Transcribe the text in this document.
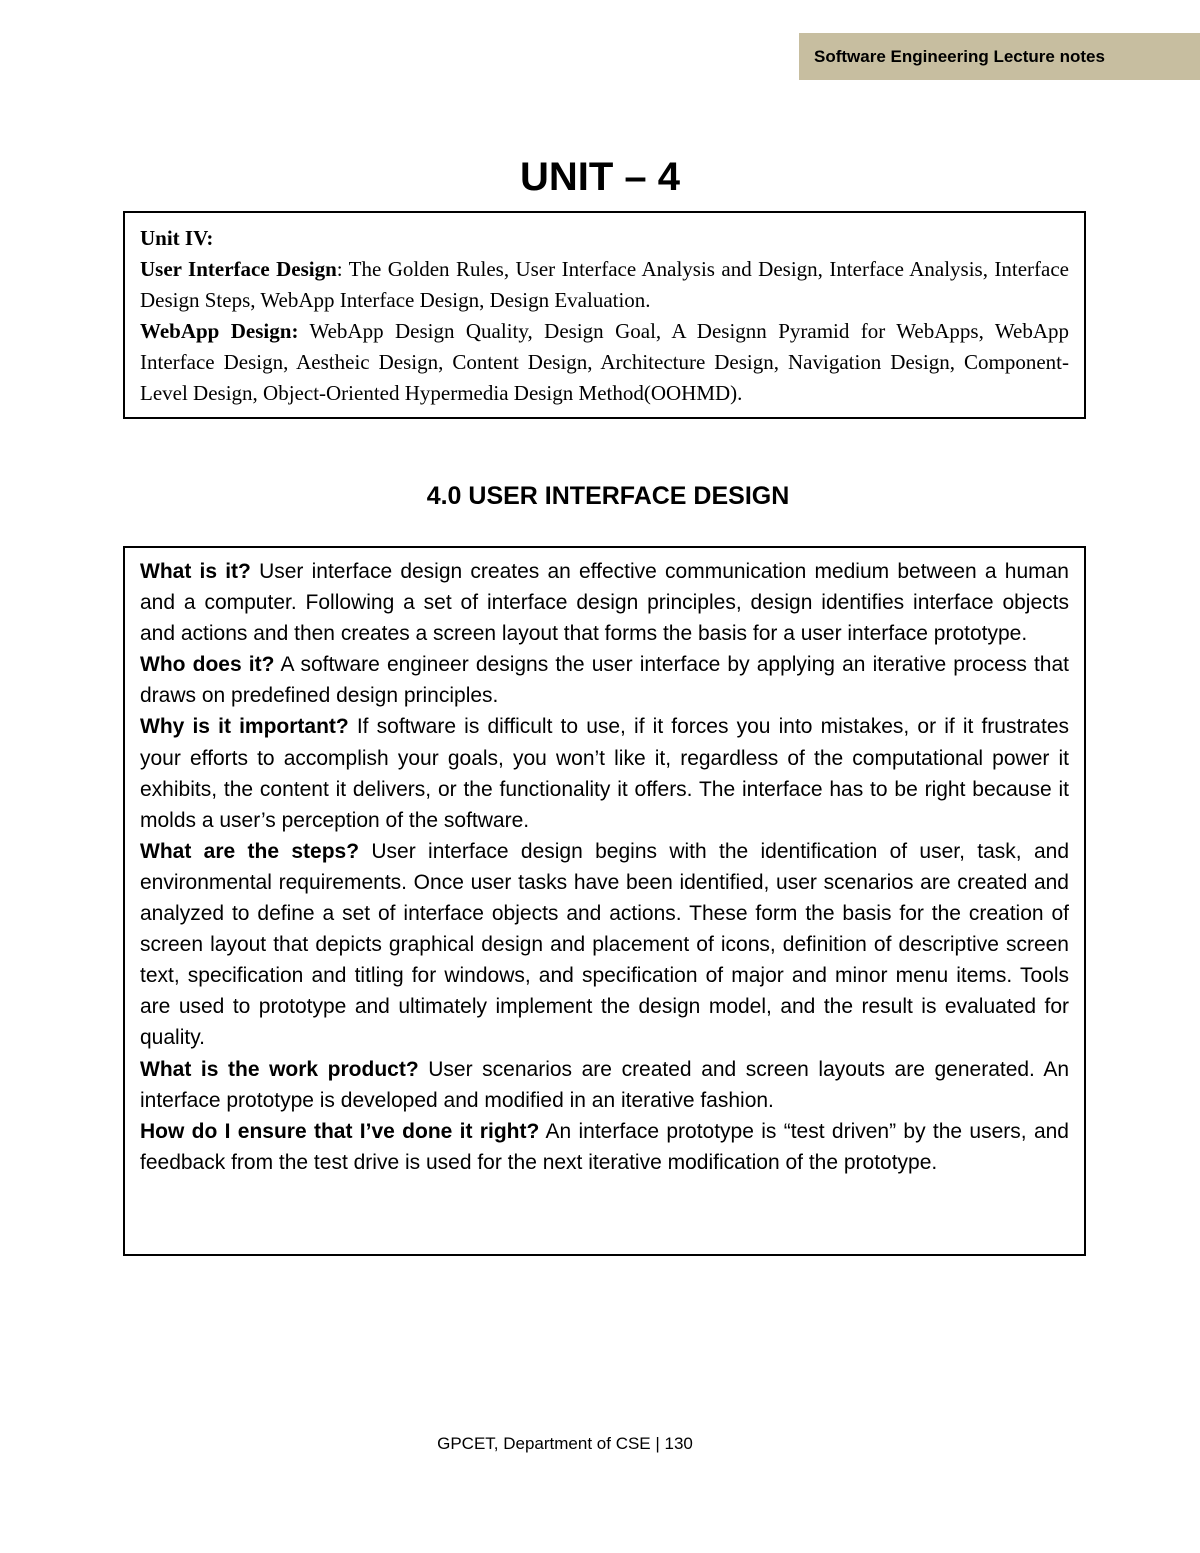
Software Engineering Lecture notes
UNIT – 4

Unit IV:

User Interface Design: The Golden Rules, User Interface Analysis and Design, Interface Analysis, Interface Design Steps, WebApp Interface Design, Design Evaluation.

WebApp Design: WebApp Design Quality, Design Goal, A Designn Pyramid for WebApps, WebApp Interface Design, Aestheic Design, Content Design, Architecture Design, Navigation Design, Component-Level Design, Object-Oriented Hypermedia Design Method(OOHMD).

4.0 USER INTERFACE DESIGN

What is it? User interface design creates an effective communication medium between a human and a computer. Following a set of interface design principles, design identifies interface objects and actions and then creates a screen layout that forms the basis for a user interface prototype.

Who does it? A software engineer designs the user interface by applying an iterative process that draws on predefined design principles.

Why is it important? If software is difficult to use, if it forces you into mistakes, or if it frustrates your efforts to accomplish your goals, you won’t like it, regardless of the computational power it exhibits, the content it delivers, or the functionality it offers. The interface has to be right because it molds a user’s perception of the software.

What are the steps? User interface design begins with the identification of user, task, and environmental requirements. Once user tasks have been identified, user scenarios are created and analyzed to define a set of interface objects and actions. These form the basis for the creation of screen layout that depicts graphical design and placement of icons, definition of descriptive screen text, specification and titling for windows, and specification of major and minor menu items. Tools are used to prototype and ultimately implement the design model, and the result is evaluated for quality.

What is the work product? User scenarios are created and screen layouts are generated. An interface prototype is developed and modified in an iterative fashion.

How do I ensure that I’ve done it right? An interface prototype is “test driven” by the users, and feedback from the test drive is used for the next iterative modification of the prototype.

GPCET, Department of CSE | 130
